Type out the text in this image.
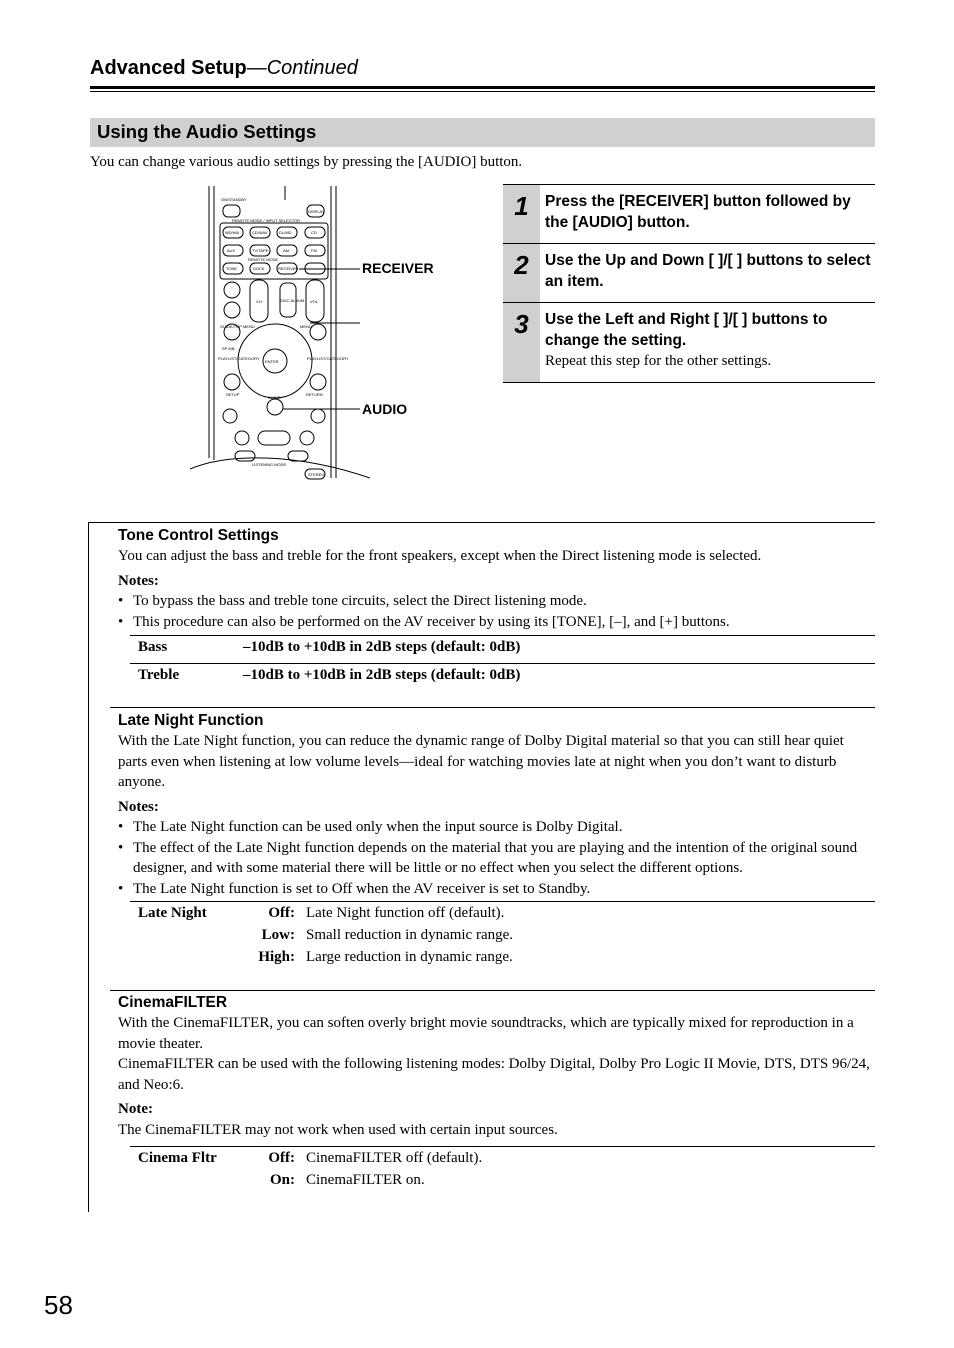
Advanced Setup—Continued
Using the Audio Settings
You can change various audio settings by pressing the [AUDIO] button.
ON/STANDBY
REMOTE MODE / INPUT SELECTOR
REMOTE MODE
DISPLAY
CH	VOL
DISC ALBUM
GUIDE/TOP MENU	MENU
SP A/B
PLAYLIST/CATEGORY	PLAYLIST/CATEGORY
ENTER
SETUP	RETURN
AUDIO
LISTENING MODE
STEREO
WD/WA	CD/WAV	DL/MD	CD
AUX	TV/TAPE	AM	FM
TONE	DOCK	RECEIVER	RECEIVER
AUDIO
1	Press the [RECEIVER] button followed by the [AUDIO] button.
2	Use the Up and Down [ ]/[ ] buttons to select an item.
3	Use the Left and Right [ ]/[ ] buttons to change the setting.
Repeat this step for the other settings.
Tone Control Settings

You can adjust the bass and treble for the front speakers, except when the Direct listening mode is selected.

Notes:

• To bypass the bass and treble tone circuits, select the Direct listening mode.
• This procedure can also be performed on the AV receiver by using its [TONE], [–], and [+] buttons.
Bass	–10dB to +10dB in 2dB steps (default: 0dB)
Treble	–10dB to +10dB in 2dB steps (default: 0dB)
Late Night Function

With the Late Night function, you can reduce the dynamic range of Dolby Digital material so that you can still hear quiet parts even when listening at low volume levels—ideal for watching movies late at night when you don’t want to disturb anyone.

Notes:

• The Late Night function can be used only when the input source is Dolby Digital.
• The effect of the Late Night function depends on the material that you are playing and the intention of the original sound designer, and with some material there will be little or no effect when you select the different options.
• The Late Night function is set to Off when the AV receiver is set to Standby.
Late Night	Off: Late Night function off (default).
Low: Small reduction in dynamic range.
High: Large reduction in dynamic range.
CinemaFILTER

With the CinemaFILTER, you can soften overly bright movie soundtracks, which are typically mixed for reproduction in a movie theater.

CinemaFILTER can be used with the following listening modes: Dolby Digital, Dolby Pro Logic II Movie, DTS, DTS 96/24, and Neo:6.

Note:

The CinemaFILTER may not work when used with certain input sources.

Cinema Fltr	Off: CinemaFILTER off (default).
On: CinemaFILTER on.
58
